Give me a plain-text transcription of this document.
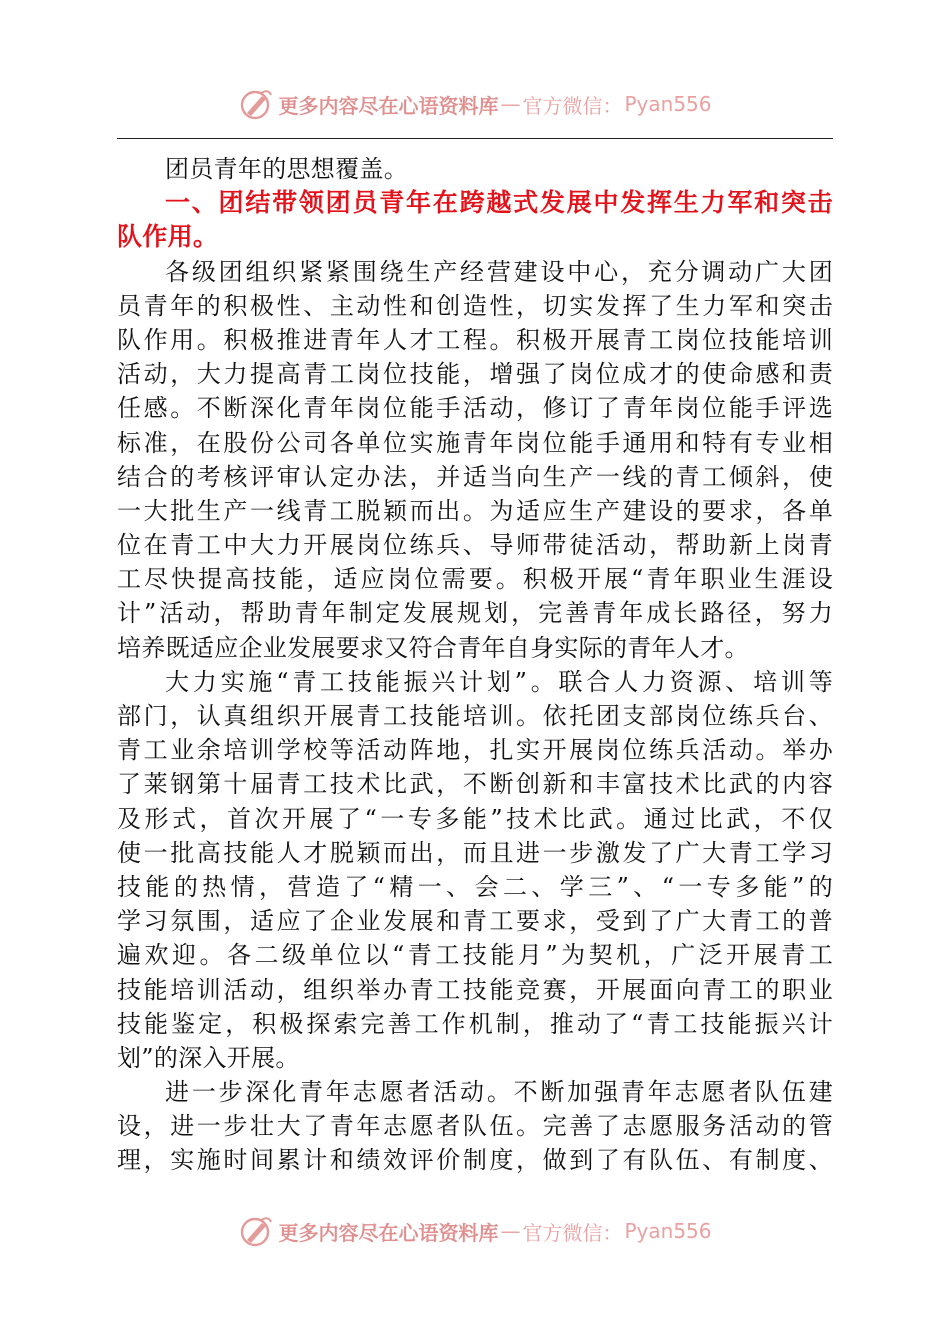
更多内容尽在心语资料库 — 官方微信： Pyan556
团员青年的思想覆盖。
一、团结带领团员青年在跨越式发展中发挥生力军和突击
队作用。
各级团组织紧紧围绕生产经营建设中心，充分调动广大团
员青年的积极性、主动性和创造性，切实发挥了生力军和突击
队作用。积极推进青年人才工程。积极开展青工岗位技能培训
活动，大力提高青工岗位技能，增强了岗位成才的使命感和责
任感。不断深化青年岗位能手活动，修订了青年岗位能手评选
标准，在股份公司各单位实施青年岗位能手通用和特有专业相
结合的考核评审认定办法，并适当向生产一线的青工倾斜，使
一大批生产一线青工脱颖而出。为适应生产建设的要求，各单
位在青工中大力开展岗位练兵、导师带徒活动，帮助新上岗青
工尽快提高技能，适应岗位需要。积极开展“青年职业生涯设
计”活动，帮助青年制定发展规划，完善青年成长路径，努力
培养既适应企业发展要求又符合青年自身实际的青年人才。
大力实施“青工技能振兴计划”。联合人力资源、培训等
部门，认真组织开展青工技能培训。依托团支部岗位练兵台、
青工业余培训学校等活动阵地，扎实开展岗位练兵活动。举办
了莱钢第十届青工技术比武，不断创新和丰富技术比武的内容
及形式，首次开展了“一专多能”技术比武。通过比武，不仅
使一批高技能人才脱颖而出，而且进一步激发了广大青工学习
技能的热情，营造了“精一、会二、学三”、“一专多能”的
学习氛围，适应了企业发展和青工要求，受到了广大青工的普
遍欢迎。各二级单位以“青工技能月”为契机，广泛开展青工
技能培训活动，组织举办青工技能竞赛，开展面向青工的职业
技能鉴定，积极探索完善工作机制，推动了“青工技能振兴计
划”的深入开展。
进一步深化青年志愿者活动。不断加强青年志愿者队伍建
设，进一步壮大了青年志愿者队伍。完善了志愿服务活动的管
理，实施时间累计和绩效评价制度，做到了有队伍、有制度、
更多内容尽在心语资料库 — 官方微信： Pyan556
